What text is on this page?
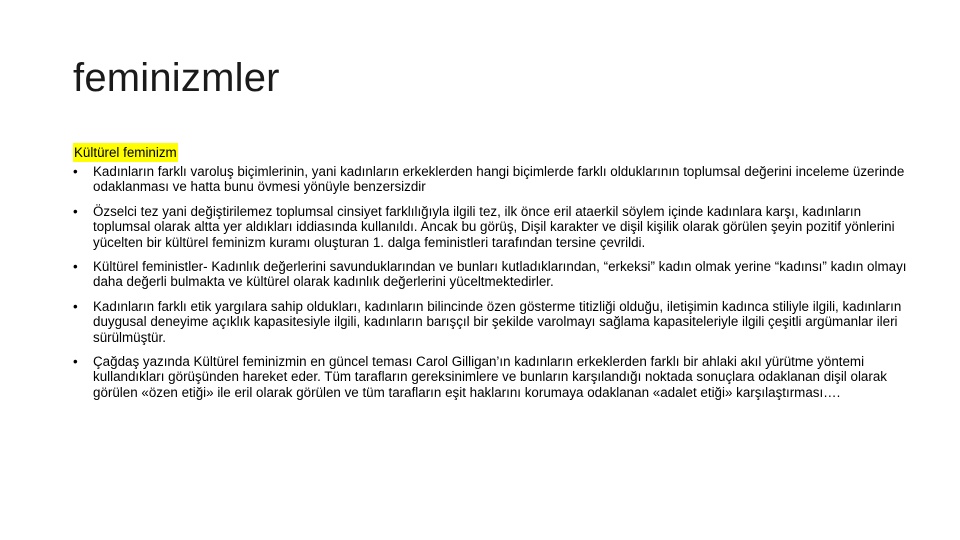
feminizmler
Kültürel feminizm
•	Kadınların farklı varoluş biçimlerinin, yani kadınların erkeklerden hangi biçimlerde farklı olduklarının toplumsal değerini inceleme üzerinde odaklanması ve hatta bunu övmesi yönüyle benzersizdir
•	Özselci tez yani değiştirilemez toplumsal cinsiyet farklılığıyla ilgili tez, ilk önce eril ataerkil söylem içinde kadınlara karşı, kadınların toplumsal olarak altta yer aldıkları iddiasında kullanıldı. Ancak bu görüş, Dişil karakter ve dişil kişilik olarak görülen şeyin pozitif yönlerini yücelten bir kültürel feminizm kuramı oluşturan 1. dalga feministleri tarafından tersine çevrildi.
•	Kültürel feministler- Kadınlık değerlerini savunduklarından ve bunları kutladıklarından, “erkeksi” kadın olmak yerine “kadınsı” kadın olmayı daha değerli bulmakta ve kültürel olarak kadınlık değerlerini yüceltmektedirler.
•	Kadınların farklı etik yargılara sahip oldukları, kadınların bilincinde özen gösterme titizliği olduğu, iletişimin kadınca stiliyle ilgili, kadınların duygusal deneyime açıklık kapasitesiyle ilgili, kadınların barışçıl bir şekilde varolmayı sağlama kapasiteleriyle ilgili çeşitli argümanlar ileri sürülmüştür.
•	Çağdaş yazında Kültürel feminizmin en güncel teması Carol Gilligan’ın kadınların erkeklerden farklı bir ahlaki akıl yürütme yöntemi kullandıkları görüşünden hareket eder. Tüm tarafların gereksinimlere ve bunların karşılandığı noktada sonuçlara odaklanan dişil olarak görülen «özen etiği» ile eril olarak görülen ve tüm tarafların eşit haklarını korumaya odaklanan «adalet etiği» karşılaştırması….
